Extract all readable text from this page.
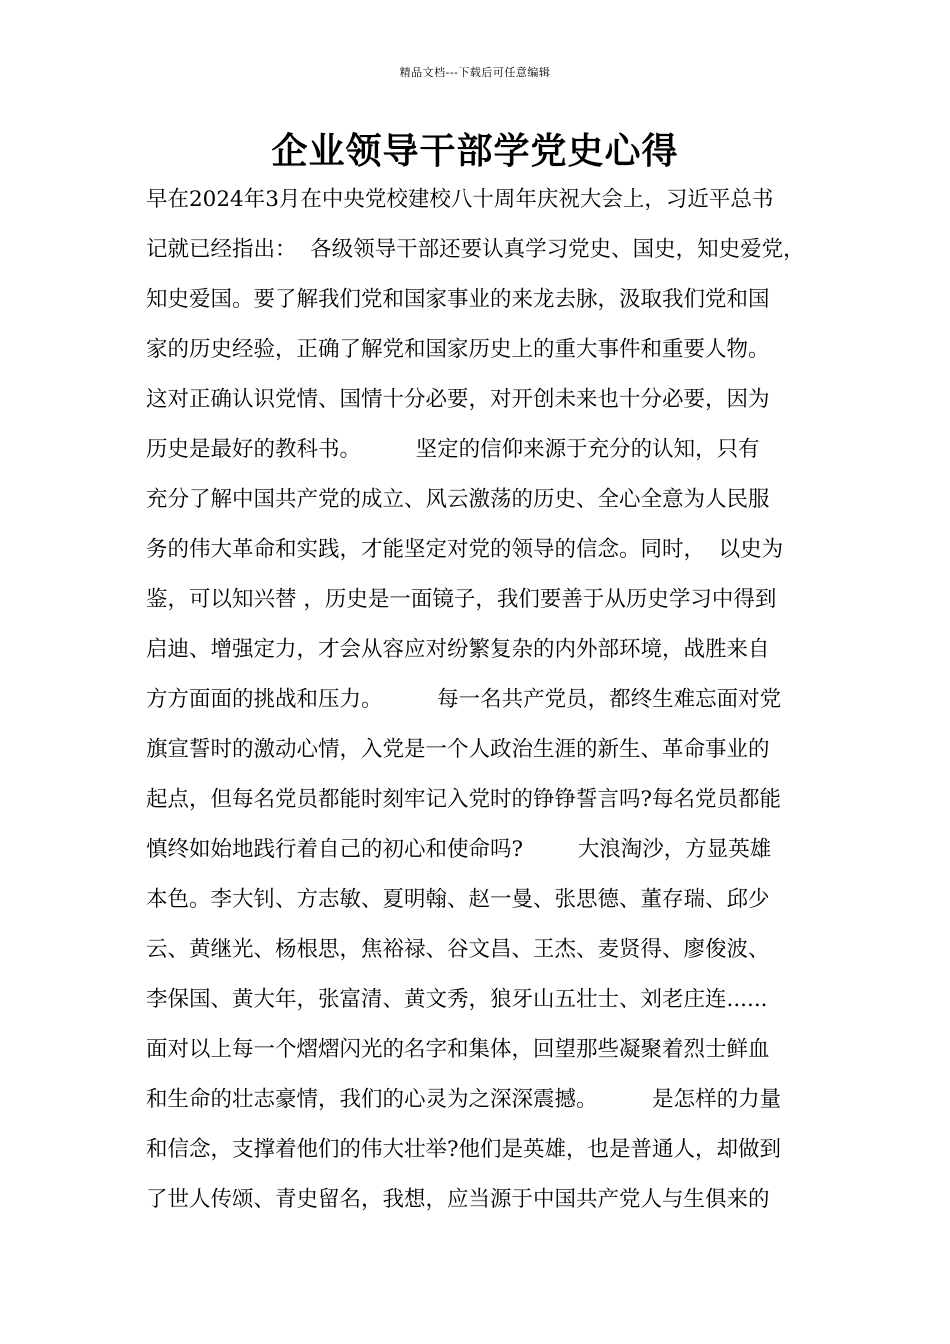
精品文档---下载后可任意编辑
企业领导干部学党史心得
早在2024年3月在中央党校建校八十周年庆祝大会上，习近平总书
记就已经指出：  各级领导干部还要认真学习党史、国史，知史爱党，
知史爱国。要了解我们党和国家事业的来龙去脉，汲取我们党和国
家的历史经验，正确了解党和国家历史上的重大事件和重要人物。
这对正确认识党情、国情十分必要，对开创未来也十分必要，因为
历史是最好的教科书。        坚定的信仰来源于充分的认知，只有
充分了解中国共产党的成立、风云激荡的历史、全心全意为人民服
务的伟大革命和实践，才能坚定对党的领导的信念。同时，  以史为
鉴，可以知兴替 ，历史是一面镜子，我们要善于从历史学习中得到
启迪、增强定力，才会从容应对纷繁复杂的内外部环境，战胜来自
方方面面的挑战和压力。        每一名共产党员，都终生难忘面对党
旗宣誓时的激动心情，入党是一个人政治生涯的新生、革命事业的
起点，但每名党员都能时刻牢记入党时的铮铮誓言吗?每名党员都能
慎终如始地践行着自己的初心和使命吗?        大浪淘沙，方显英雄
本色。李大钊、方志敏、夏明翰、赵一曼、张思德、董存瑞、邱少
云、黄继光、杨根思，焦裕禄、谷文昌、王杰、麦贤得、廖俊波、
李保国、黄大年，张富清、黄文秀，狼牙山五壮士、刘老庄连......
面对以上每一个熠熠闪光的名字和集体，回望那些凝聚着烈士鲜血
和生命的壮志豪情，我们的心灵为之深深震撼。        是怎样的力量
和信念，支撑着他们的伟大壮举?他们是英雄，也是普通人，却做到
了世人传颂、青史留名，我想，应当源于中国共产党人与生俱来的
